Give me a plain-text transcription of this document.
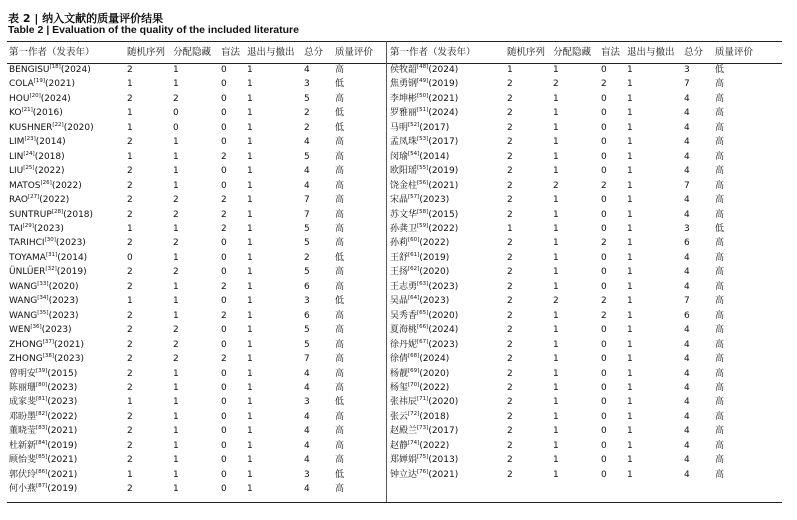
表 2 | 纳入文献的质量评价结果
Table 2 | Evaluation of the quality of the included literature
第一作者（发表年）	随机序列	分配隐藏	盲法	退出与撤出	总分	质量评价
BENGISU[18](2024)	2	1	0	1	4	高
COLA[19](2021)	1	1	0	1	3	低
HOU[20](2024)	2	2	0	1	5	高
KO[21](2016)	1	0	0	1	2	低
KUSHNER[22](2020)	1	0	0	1	2	低
LIM[23](2014)	2	1	0	1	4	高
LIN[24](2018)	1	1	2	1	5	高
LIU[25](2022)	2	1	0	1	4	高
MATOS[26](2022)	2	1	0	1	4	高
RAO[27](2022)	2	2	2	1	7	高
SUNTRUP[28](2018)	2	2	2	1	7	高
TAI[29](2023)	1	1	2	1	5	高
TARIHCI[30](2023)	2	2	0	1	5	高
TOYAMA[31](2014)	0	1	0	1	2	低
ÜNLÜER[32](2019)	2	2	0	1	5	高
WANG[33](2020)	2	1	2	1	6	高
WANG[34](2023)	1	1	0	1	3	低
WANG[35](2023)	2	1	2	1	6	高
WEN[36](2023)	2	2	0	1	5	高
ZHONG[37](2021)	2	2	0	1	5	高
ZHONG[38](2023)	2	2	2	1	7	高
曾明安[39](2015)	2	1	0	1	4	高
陈丽珊[80](2023)	2	1	0	1	4	高
成家斐[81](2023)	1	1	0	1	3	低
邓盼墨[82](2022)	2	1	0	1	4	高
董晓莹[83](2021)	2	1	0	1	4	高
杜新新[84](2019)	2	1	0	1	4	高
顾怡斐[85](2021)	2	1	0	1	4	高
郭伏玲[86](2021)	1	1	0	1	3	低
何小燕[87](2019)	2	1	0	1	4	高
第一作者（发表年）	随机序列	分配隐藏	盲法	退出与撤出	总分	质量评价
侯牧韶[48](2024)	1	1	0	1	3	低
焦勇钢[49](2019)	2	2	2	1	7	高
李坤彬[50](2021)	2	1	0	1	4	高
罗雅丽[51](2024)	2	1	0	1	4	高
马明[52](2017)	2	1	0	1	4	高
孟凤珠[53](2017)	2	1	0	1	4	高
闵瑜[54](2014)	2	1	0	1	4	高
欧阳瑶[55](2019)	2	1	0	1	4	高
饶金柱[56](2021)	2	2	2	1	7	高
宋晶[57](2023)	2	1	0	1	4	高
苏文华[58](2015)	2	1	0	1	4	高
孙龚卫[59](2022)	1	1	0	1	3	低
孙莉[60](2022)	2	1	2	1	6	高
王舒[61](2019)	2	1	0	1	4	高
王扬[62](2020)	2	1	0	1	4	高
王志勇[63](2023)	2	1	0	1	4	高
吴晶[64](2023)	2	2	2	1	7	高
吴秀香[65](2020)	2	1	2	1	6	高
夏海桃[66](2024)	2	1	0	1	4	高
徐丹妮[67](2023)	2	1	0	1	4	高
徐倩[68](2024)	2	1	0	1	4	高
杨靓[69](2020)	2	1	0	1	4	高
杨玺[70](2022)	2	1	0	1	4	高
张祎辰[71](2020)	2	1	0	1	4	高
张云[72](2018)	2	1	0	1	4	高
赵殿兰[73](2017)	2	1	0	1	4	高
赵静[74](2022)	2	1	0	1	4	高
郑婵娟[75](2013)	2	1	0	1	4	高
钟立达[76](2021)	2	1	0	1	4	高
